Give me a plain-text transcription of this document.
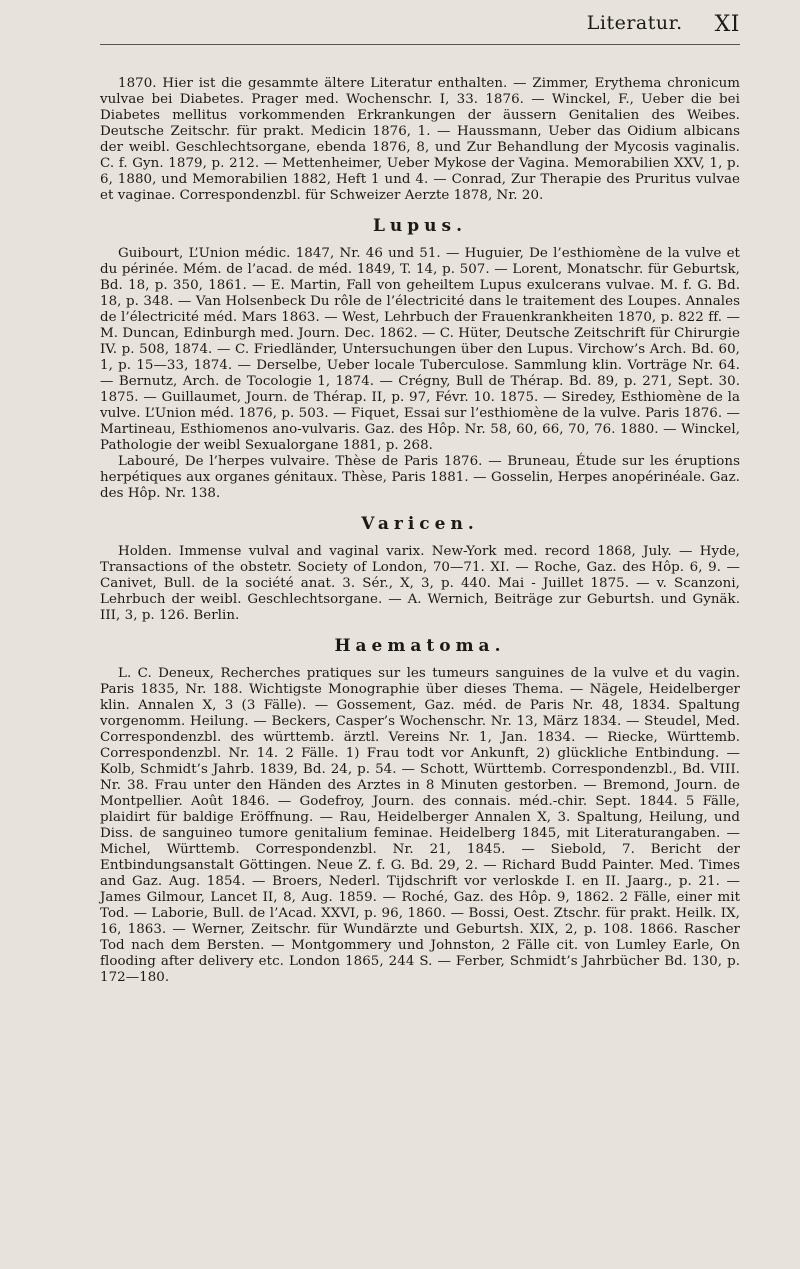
Literatur. XI

1870. Hier ist die gesammte ältere Literatur enthalten. — Zimmer, Erythema chronicum vulvae bei Diabetes. Prager med. Wochenschr. I, 33. 1876. — Winckel, F., Ueber die bei Diabetes mellitus vorkommenden Erkrankungen der äussern Genitalien des Weibes. Deutsche Zeitschr. für prakt. Medicin 1876, 1. — Haussmann, Ueber das Oidium albicans der weibl. Geschlechtsorgane, ebenda 1876, 8, und Zur Behandlung der Mycosis vaginalis. C. f. Gyn. 1879, p. 212. — Mettenheimer, Ueber Mykose der Vagina. Memorabilien XXV, 1, p. 6, 1880, und Memorabilien 1882, Heft 1 und 4. — Conrad, Zur Therapie des Pruritus vulvae et vaginae. Correspondenzbl. für Schweizer Aerzte 1878, Nr. 20.

Lupus.

Guibourt, L’Union médic. 1847, Nr. 46 und 51. — Huguier, De l’esthiomène de la vulve et du périnée. Mém. de l’acad. de méd. 1849, T. 14, p. 507. — Lorent, Monatschr. für Geburtsk, Bd. 18, p. 350, 1861. — E. Martin, Fall von geheiltem Lupus exulcerans vulvae. M. f. G. Bd. 18, p. 348. — Van Holsenbeck Du rôle de l’électricité dans le traitement des Loupes. Annales de l’électricité méd. Mars 1863. — West, Lehrbuch der Frauenkrankheiten 1870, p. 822 ff. — M. Duncan, Edinburgh med. Journ. Dec. 1862. — C. Hüter, Deutsche Zeitschrift für Chirurgie IV. p. 508, 1874. — C. Friedländer, Untersuchungen über den Lupus. Virchow’s Arch. Bd. 60, 1, p. 15—33, 1874. — Derselbe, Ueber locale Tuberculose. Sammlung klin. Vorträge Nr. 64. — Bernutz, Arch. de Tocologie 1, 1874. — Crégny, Bull de Thérap. Bd. 89, p. 271, Sept. 30. 1875. — Guillaumet, Journ. de Thérap. II, p. 97, Févr. 10. 1875. — Siredey, Esthiomène de la vulve. L’Union méd. 1876, p. 503. — Fiquet, Essai sur l’esthiomène de la vulve. Paris 1876. — Martineau, Esthiomenos ano-vulvaris. Gaz. des Hôp. Nr. 58, 60, 66, 70, 76. 1880. — Winckel, Pathologie der weibl Sexualorgane 1881, p. 268.

Labouré, De l’herpes vulvaire. Thèse de Paris 1876. — Bruneau, Étude sur les éruptions herpétiques aux organes génitaux. Thèse, Paris 1881. — Gosselin, Herpes anopérinéale. Gaz. des Hôp. Nr. 138.

Varicen.

Holden. Immense vulval and vaginal varix. New-York med. record 1868, July. — Hyde, Transactions of the obstetr. Society of London, 70—71. XI. — Roche, Gaz. des Hôp. 6, 9. — Canivet, Bull. de la société anat. 3. Sér., X, 3, p. 440. Mai - Juillet 1875. — v. Scanzoni, Lehrbuch der weibl. Geschlechtsorgane. — A. Wernich, Beiträge zur Geburtsh. und Gynäk. III, 3, p. 126. Berlin.

Haematoma.

L. C. Deneux, Recherches pratiques sur les tumeurs sanguines de la vulve et du vagin. Paris 1835, Nr. 188. Wichtigste Monographie über dieses Thema. — Nägele, Heidelberger klin. Annalen X, 3 (3 Fälle). — Gossement, Gaz. méd. de Paris Nr. 48, 1834. Spaltung vorgenomm. Heilung. — Beckers, Casper’s Wochenschr. Nr. 13, März 1834. — Steudel, Med. Correspondenzbl. des württemb. ärztl. Vereins Nr. 1, Jan. 1834. — Riecke, Württemb. Correspondenzbl. Nr. 14. 2 Fälle. 1) Frau todt vor Ankunft, 2) glückliche Entbindung. — Kolb, Schmidt’s Jahrb. 1839, Bd. 24, p. 54. — Schott, Württemb. Correspondenzbl., Bd. VIII. Nr. 38. Frau unter den Händen des Arztes in 8 Minuten gestorben. — Bremond, Journ. de Montpellier. Août 1846. — Godefroy, Journ. des connais. méd.-chir. Sept. 1844. 5 Fälle, plaidirt für baldige Eröffnung. — Rau, Heidelberger Annalen X, 3. Spaltung, Heilung, und Diss. de sanguineo tumore genitalium feminae. Heidelberg 1845, mit Literaturangaben. — Michel, Württemb. Correspondenzbl. Nr. 21, 1845. — Siebold, 7. Bericht der Entbindungsanstalt Göttingen. Neue Z. f. G. Bd. 29, 2. — Richard Budd Painter. Med. Times and Gaz. Aug. 1854. — Broers, Nederl. Tijdschrift vor verloskde I. en II. Jaarg., p. 21. — James Gilmour, Lancet II, 8, Aug. 1859. — Roché, Gaz. des Hôp. 9, 1862. 2 Fälle, einer mit Tod. — Laborie, Bull. de l’Acad. XXVI, p. 96, 1860. — Bossi, Oest. Ztschr. für prakt. Heilk. IX, 16, 1863. — Werner, Zeitschr. für Wundärzte und Geburtsh. XIX, 2, p. 108. 1866. Rascher Tod nach dem Bersten. — Montgommery und Johnston, 2 Fälle cit. von Lumley Earle, On flooding after delivery etc. London 1865, 244 S. — Ferber, Schmidt’s Jahrbücher Bd. 130, p. 172—180.
